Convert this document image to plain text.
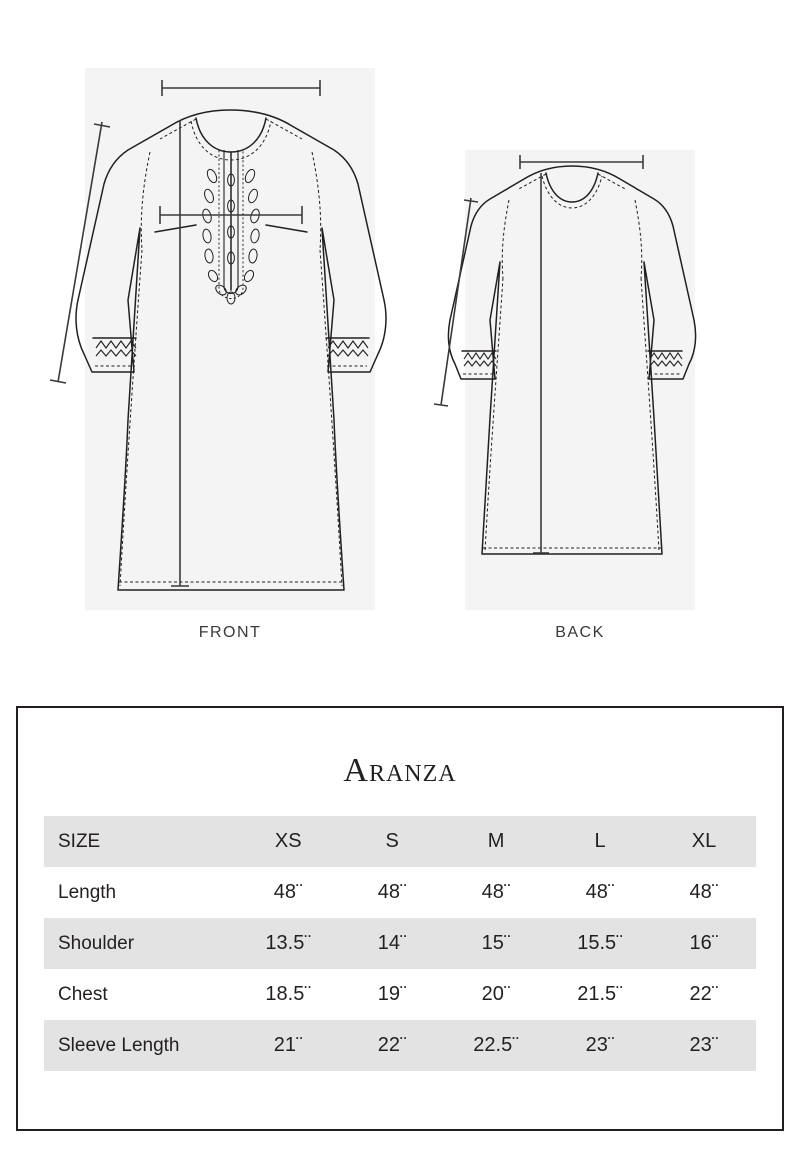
FRONT	BACK
Aranza
SIZE	XS	S	M	L	XL
Length	48¨	48¨	48¨	48¨	48¨
Shoulder	13.5¨	14¨	15¨	15.5¨	16¨
Chest	18.5¨	19¨	20¨	21.5¨	22¨
Sleeve Length	21¨	22¨	22.5¨	23¨	23¨
